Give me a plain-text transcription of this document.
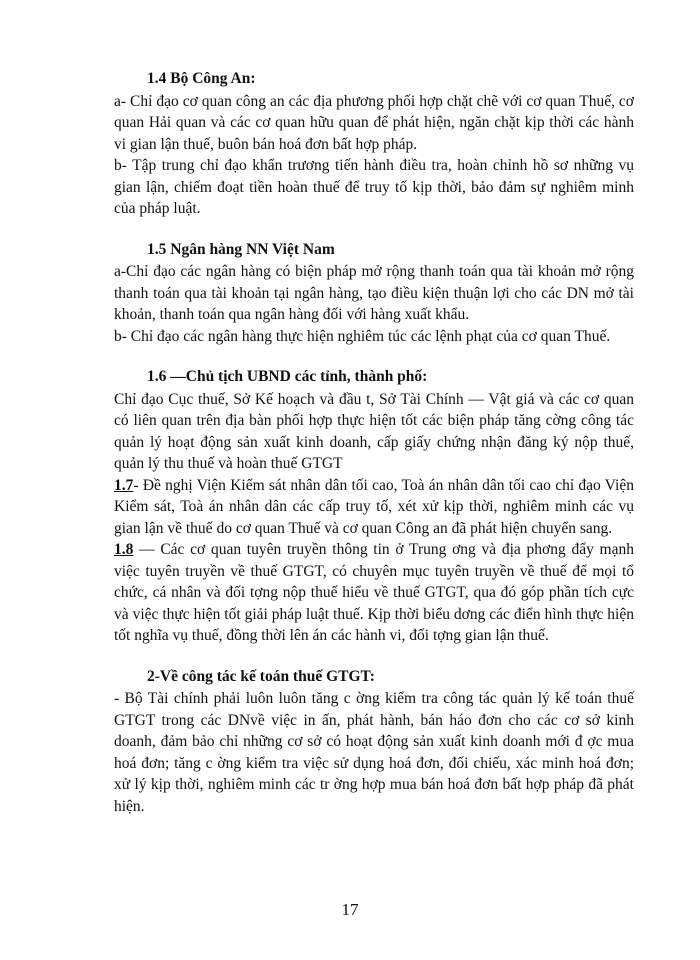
1.4 Bộ Công An:

a- Chỉ đạo cơ quan công an các địa phương phối hợp chặt chẽ với cơ quan Thuế, cơ quan Hải quan và các cơ quan hữu quan để phát hiện, ngăn chặt kịp thời các hành vi gian lận thuế, buôn bán hoá đơn bất hợp pháp.

b- Tập trung chỉ đạo khẩn trương tiến hành điều tra, hoàn chỉnh hồ sơ những vụ gian lận, chiếm đoạt tiền hoàn thuế để truy tố kịp thời, bảo đảm sự nghiêm minh của pháp luật.

1.5 Ngân hàng NN Việt Nam

a-Chỉ đạo các ngân hàng có biện pháp mở rộng thanh toán qua tài khoản mở rộng thanh toán qua tài khoản tại ngân hàng, tạo điều kiện thuận lợi cho các DN mở tài khoản, thanh toán qua ngân hàng đối với hàng xuất khẩu.

b- Chỉ đạo các ngân hàng thực hiện nghiêm túc các lệnh phạt của cơ quan Thuế.

1.6 —Chủ tịch UBND các tỉnh, thành phố:

Chỉ đạo Cục thuế, Sở Kế hoạch và đầu t, Sở Tài Chính — Vật giá và các cơ quan có liên quan trên địa bàn phối hợp thực hiện tốt các biện pháp tăng cờng công tác quản lý hoạt động sản xuất kinh doanh, cấp giấy chứng nhận đăng ký nộp thuế, quản lý thu thuế và hoàn thuế GTGT

1.7- Đề nghị Viện Kiểm sát nhân dân tối cao, Toà án nhân dân tối cao chỉ đạo Viện Kiểm sát, Toà án nhân dân các cấp truy tố, xét xử kịp thời, nghiêm minh các vụ gian lận về thuế do cơ quan Thuế và cơ quan Công an đã phát hiện chuyển sang.

1.8 — Các cơ quan tuyên truyền thông tin ở Trung ơng và địa phơng đẩy mạnh việc tuyên truyền về thuế GTGT, có chuyên mục tuyên truyền về thuế để mọi tổ chức, cá nhân và đối tợng nộp thuế hiểu về thuế GTGT, qua đó góp phần tích cực và việc thực hiện tốt giải pháp luật thuế. Kịp thời biểu dơng các điển hình thực hiện tốt nghĩa vụ thuế, đồng thời lên án các hành vi, đối tợng gian lận thuế.

2-Về công tác kế toán thuế GTGT:

- Bộ Tài chính phải luôn luôn tăng c ờng kiểm tra công tác quản lý kế toán thuế GTGT trong các DNvề việc in ấn, phát hành, bán háo đơn cho các cơ sở kinh doanh, đảm bảo chỉ những cơ sở có hoạt động sản xuất kinh doanh mới đ ợc mua hoá đơn; tăng c ờng kiểm tra việc sử dụng hoá đơn, đối chiếu, xác minh hoá đơn; xử lý kịp thời, nghiêm minh các tr ờng hợp mua bán hoá đơn bất hợp pháp đã phát hiện.

17
